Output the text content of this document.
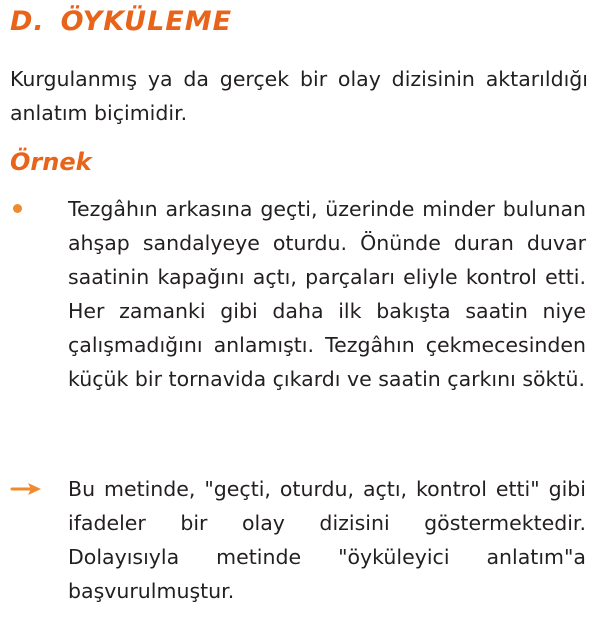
D. ÖYKÜLEME

Kurgulanmış ya da gerçek bir olay dizisinin aktarıldığı anlatım biçimidir.

Örnek

Tezgâhın arkasına geçti, üzerinde minder bulunan ahşap sandalyeye oturdu. Önünde duran duvar saatinin kapağını açtı, parçaları eliyle kontrol etti. Her zamanki gibi daha ilk bakışta saatin niye çalışmadığını anlamıştı. Tezgâhın çekmecesinden küçük bir tornavida çıkardı ve saatin çarkını söktü.

Bu metinde, "geçti, oturdu, açtı, kontrol etti" gibi ifadeler bir olay dizisini göstermektedir. Dolayısıyla metinde "öyküleyici anlatım"a başvurulmuştur.
